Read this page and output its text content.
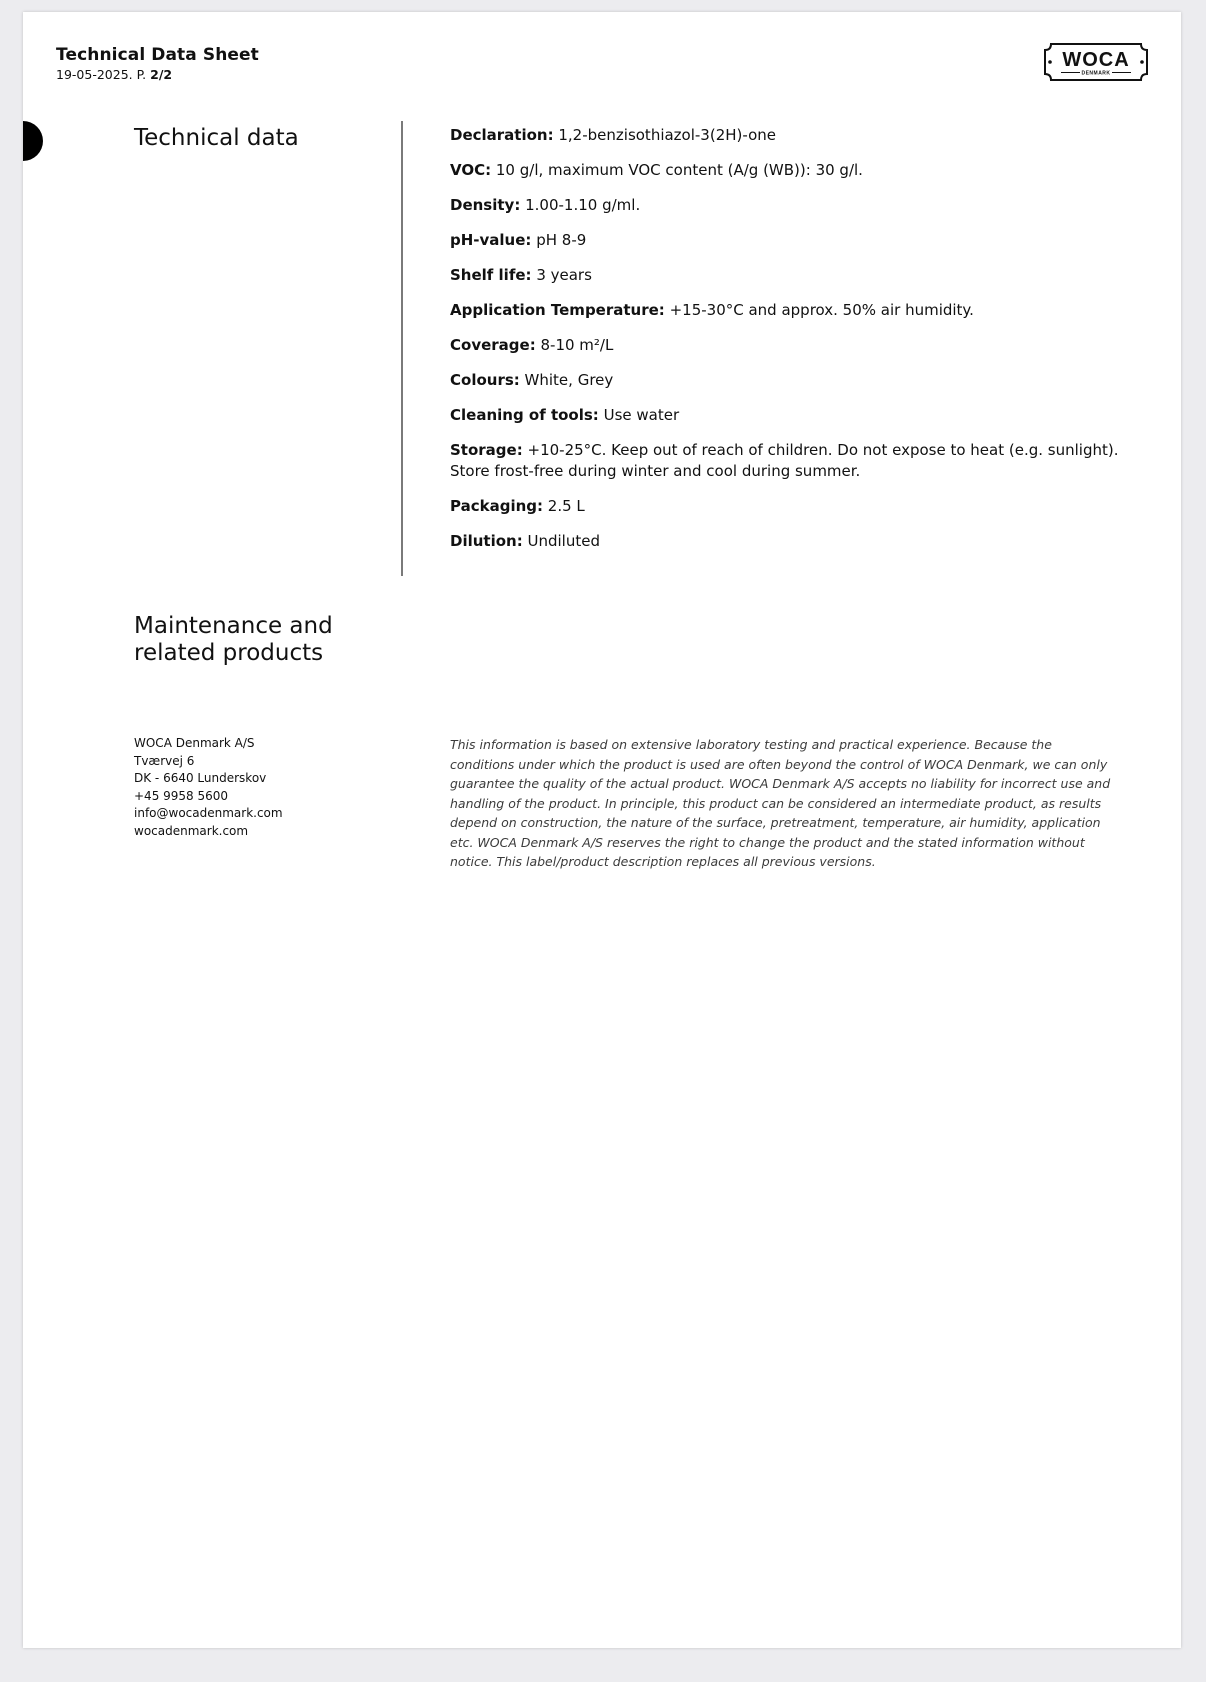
Technical Data Sheet
19-05-2025. P. 2/2
WOCA
DENMARK
Technical data	Declaration: 1,2-benzisothiazol-3(2H)-one
VOC: 10 g/l, maximum VOC content (A/g (WB)): 30 g/l.
Density: 1.00-1.10 g/ml.
pH-value: pH 8-9
Shelf life: 3 years
Application Temperature: +15-30°C and approx. 50% air humidity.
Coverage: 8-10 m²/L
Colours: White, Grey
Cleaning of tools: Use water
Storage: +10-25°C. Keep out of reach of children. Do not expose to heat (e.g. sunlight). Store frost-free during winter and cool during summer.
Packaging: 2.5 L
Dilution: Undiluted
Maintenance and related products
WOCA Denmark A/S
Tværvej 6
DK - 6640 Lunderskov
+45 9958 5600
info@wocadenmark.com
wocadenmark.com

This information is based on extensive laboratory testing and practical experience. Because the conditions under which the product is used are often beyond the control of WOCA Denmark, we can only guarantee the quality of the actual product. WOCA Denmark A/S accepts no liability for incorrect use and handling of the product. In principle, this product can be considered an intermediate product, as results depend on construction, the nature of the surface, pretreatment, temperature, air humidity, application etc. WOCA Denmark A/S reserves the right to change the product and the stated information without notice. This label/product description replaces all previous versions.
